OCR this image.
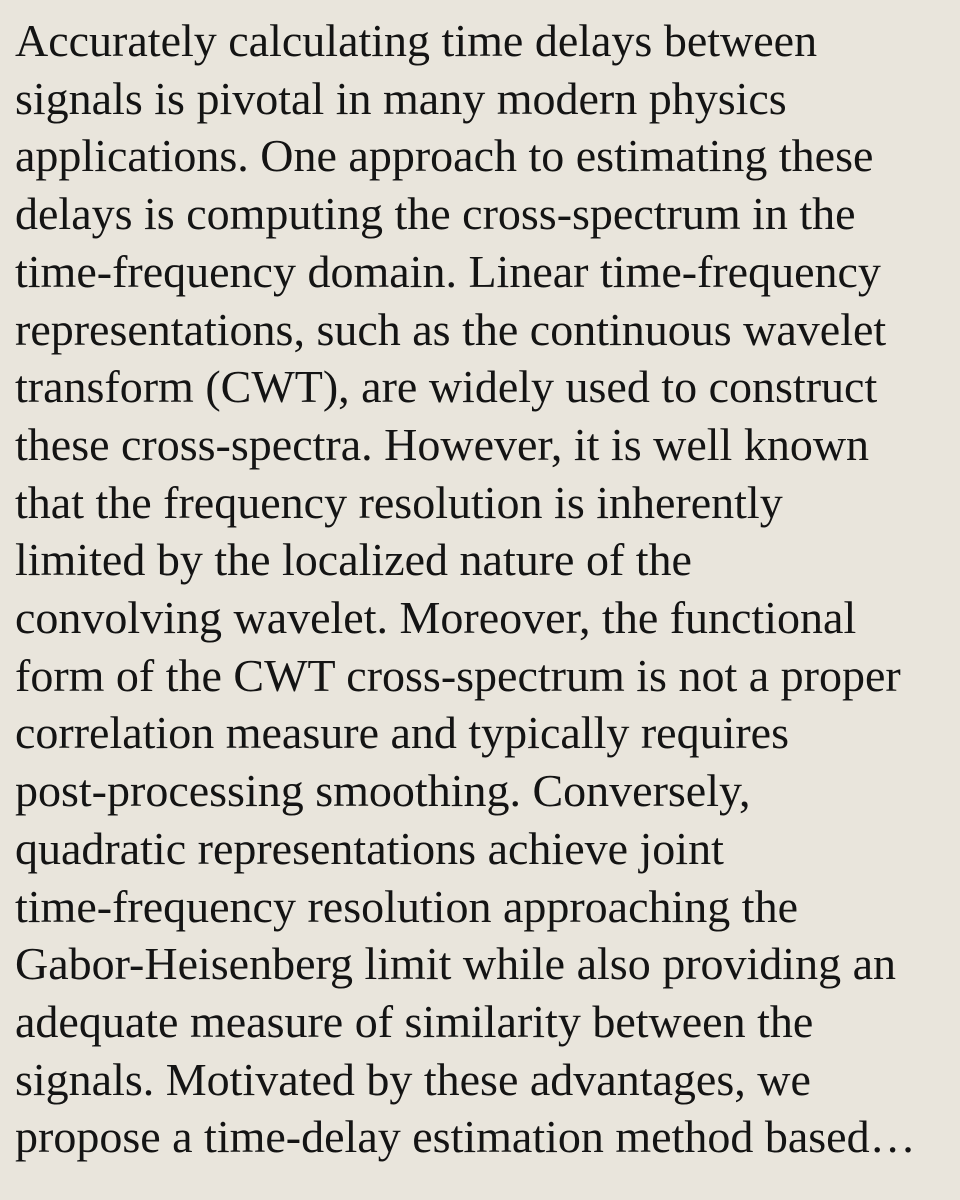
Accurately calculating time delays between
signals is pivotal in many modern physics
applications. One approach to estimating these
delays is computing the cross-spectrum in the
time-frequency domain. Linear time-frequency
representations, such as the continuous wavelet
transform (CWT), are widely used to construct
these cross-spectra. However, it is well known
that the frequency resolution is inherently
limited by the localized nature of the
convolving wavelet. Moreover, the functional
form of the CWT cross-spectrum is not a proper
correlation measure and typically requires
post-processing smoothing. Conversely,
quadratic representations achieve joint
time-frequency resolution approaching the
Gabor-Heisenberg limit while also providing an
adequate measure of similarity between the
signals. Motivated by these advantages, we
propose a time-delay estimation method based…
